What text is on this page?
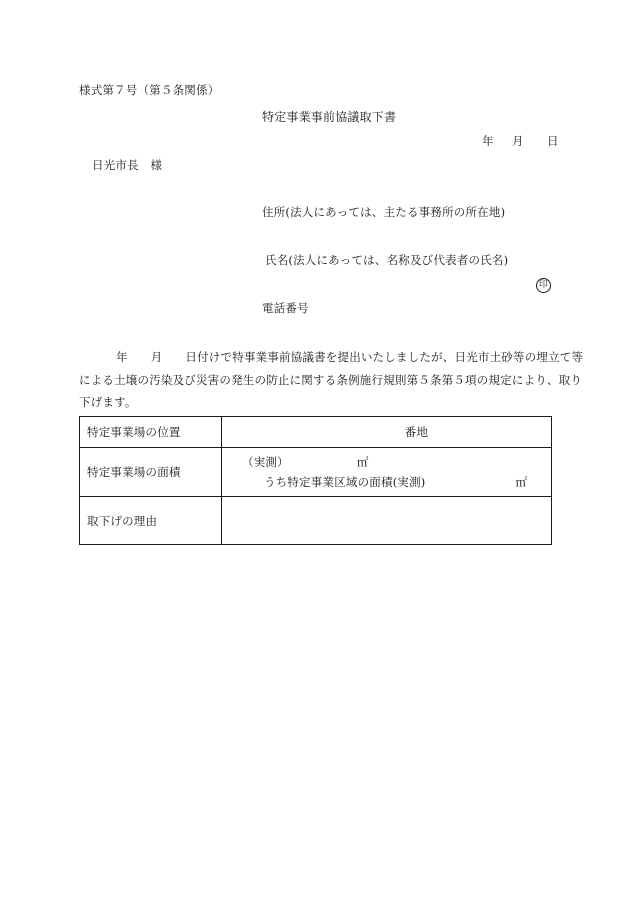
様式第７号（第５条関係）
特定事業事前協議取下書
年	月	日
日光市長　様
住所(法人にあっては、主たる事務所の所在地)
氏名(法人にあっては、名称及び代表者の氏名)
印
電話番号
年 月 日付けで特事業事前協議書を提出いたしましたが、日光市土砂等の埋立て等による土壌の汚染及び災害の発生の防止に関する条例施行規則第５条第５項の規定により、取り下げます。
特定事業場の位置	番地
特定事業場の面積	（実測） ㎡
うち特定事業区域の面積(実測) ㎡

取下げの理由	
